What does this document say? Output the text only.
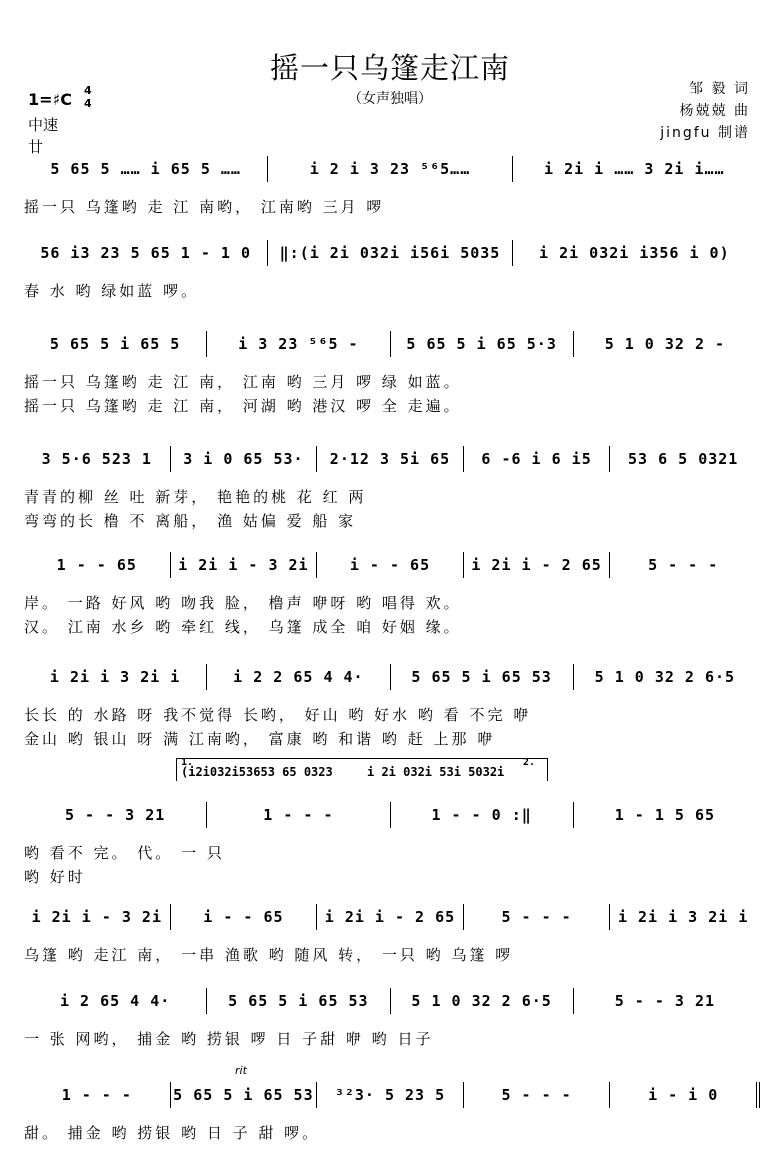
摇一只乌篷走江南
（女声独唱）
邹 毅 词
杨兢兢 曲
jingfu 制谱
1=♯C 4
4
中速
廿
5 65 5 …… i 65 5 ……	i 2 i 3 23 ⁵⁶5……	i 2i i …… 3 2i i……
摇一只 乌篷哟 走 江 南哟， 江南哟 三月 啰
56 i3 23 5 65 1 - 1 0	‖:(i 2i 032i i56i 5035	i 2i 032i i356 i 0)
春 水 哟 绿如蓝 啰。
5 65 5 i 65 5	i 3 23 ⁵⁶5 -	5 65 5 i 65 5·3	5 1 0 32 2 -
摇一只 乌篷哟 走 江 南， 江南 哟 三月 啰 绿 如蓝。
摇一只 乌篷哟 走 江 南， 河湖 哟 港汉 啰 全 走遍。
3 5·6 523 1	3 i 0 65 53·	2·12 3 5i 65	6 -6 i 6 i5	53 6 5 0321
青青的柳 丝 吐 新芽， 艳艳的桃 花 红 两
弯弯的长 橹 不 离船， 渔 姑偏 爱 船 家
1 - - 65	i 2i i - 3 2i	i - - 65	i 2i i - 2 65	5 - - -
岸。 一路 好风 哟 吻我 脸， 橹声 咿呀 哟 唱得 欢。
汉。 江南 水乡 哟 牵红 线， 乌篷 成全 咱 好姻 缘。
i 2i i 3 2i i	i 2 2 65 4 4·	5 65 5 i 65 53	5 1 0 32 2 6·5
长长 的 水路 呀 我不觉得 长哟， 好山 哟 好水 哟 看 不完 咿
金山 哟 银山 呀 满 江南哟， 富康 哟 和谐 哟 赶 上那 咿
1.
(i2i032i53653 65 0323	i 2i 032i 53i 5032i
2.
5 - - 3 21	1 - - -	1 - - 0 :‖	1 - 1 5 65
哟 看不 完。 代。 一 只
哟 好时
i 2i i - 3 2i	i - - 65	i 2i i - 2 65	5 - - -	i 2i i 3 2i i
乌篷 哟 走江 南， 一串 渔歌 哟 随风 转， 一只 哟 乌篷 啰
i 2 65 4 4·	5 65 5 i 65 53	5 1 0 32 2 6·5	5 - - 3 21
一 张 网哟， 捕金 哟 捞银 啰 日 子甜 咿 哟 日子
rit
1 - - -	5 65 5 i 65 53	³²3· 5 23 5	5 - - -	i - i 0
甜。 捕金 哟 捞银 哟 日 子 甜 啰。
